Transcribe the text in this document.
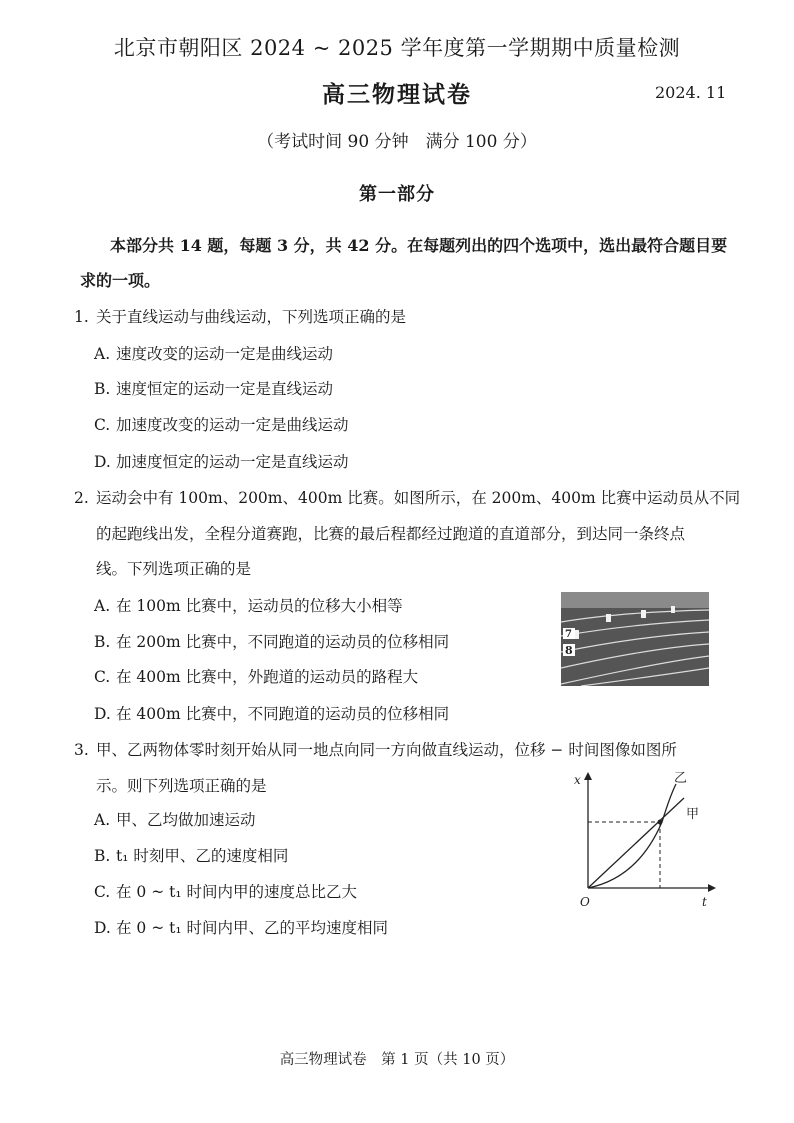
北京市朝阳区 2024 ~ 2025 学年度第一学期期中质量检测
高三物理试卷	2024. 11
（考试时间 90 分钟　满分 100 分）
第一部分
本部分共 14 题，每题 3 分，共 42 分。在每题列出的四个选项中，选出最符合题目要
求的一项。
1. 关于直线运动与曲线运动，下列选项正确的是
A. 速度改变的运动一定是曲线运动
B. 速度恒定的运动一定是直线运动
C. 加速度改变的运动一定是曲线运动
D. 加速度恒定的运动一定是直线运动
2. 运动会中有 100m、200m、400m 比赛。如图所示，在 200m、400m 比赛中运动员从不同
的起跑线出发，全程分道赛跑，比赛的最后程都经过跑道的直道部分，到达同一条终点
线。下列选项正确的是
A. 在 100m 比赛中，运动员的位移大小相等
B. 在 200m 比赛中，不同跑道的运动员的位移相同
C. 在 400m 比赛中，外跑道的运动员的路程大
D. 在 400m 比赛中，不同跑道的运动员的位移相同
7
8
3. 甲、乙两物体零时刻开始从同一地点向同一方向做直线运动，位移 − 时间图像如图所
示。则下列选项正确的是
A. 甲、乙均做加速运动
B. t₁ 时刻甲、乙的速度相同
C. 在 0 ~ t₁ 时间内甲的速度总比乙大
D. 在 0 ~ t₁ 时间内甲、乙的平均速度相同
x
t
O
乙
甲
高三物理试卷　第 1 页（共 10 页）
